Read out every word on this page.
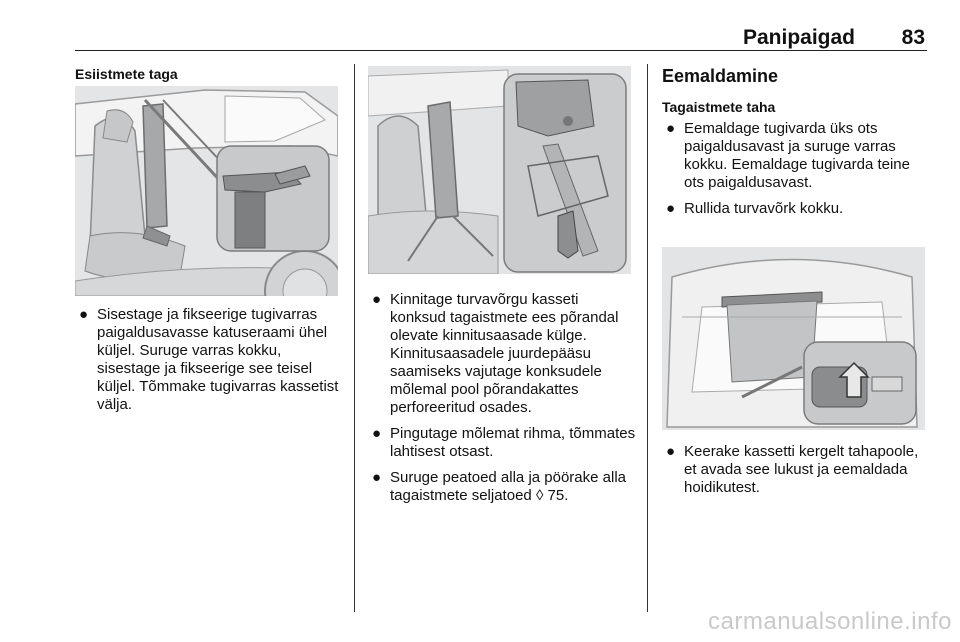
Panipaigad 83
Esiistmete taga
● Sisestage ja fikseerige tugivarras paigaldusavasse katuseraami ühel küljel. Suruge varras kokku, sisestage ja fikseerige see teisel küljel. Tõmmake tugivarras kassetist välja.
● Kinnitage turvavõrgu kasseti konksud tagaistmete ees põrandal olevate kinnitusaasade külge. Kinnitusaasadele juurdepääsu saamiseks vajutage konksudele mõlemal pool põrandakattes perforeeritud osades.
● Pingutage mõlemat rihma, tõmmates lahtisest otsast.
● Suruge peatoed alla ja pöörake alla tagaistmete seljatoed ◊ 75.
Eemaldamine
Tagaistmete taha
● Eemaldage tugivarda üks ots paigaldusavast ja suruge varras kokku. Eemaldage tugivarda teine ots paigaldusavast.
● Rullida turvavõrk kokku.
● Keerake kassetti kergelt tahapoole, et avada see lukust ja eemaldada hoidikutest.
carmanualsonline.info
